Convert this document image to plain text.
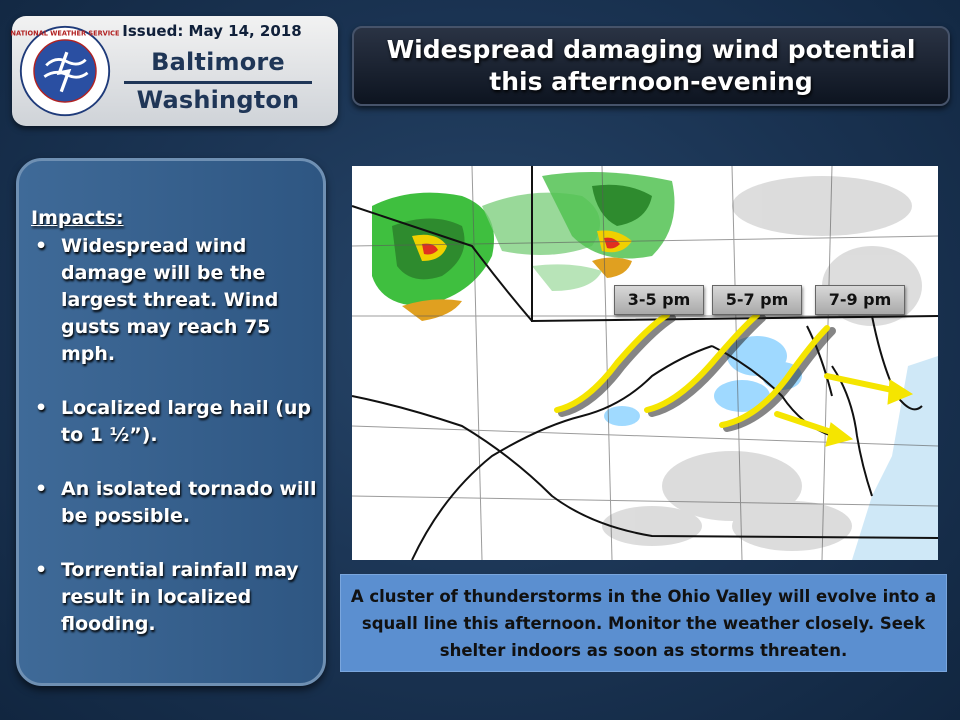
NATIONAL WEATHER SERVICE Issued: May 14, 2018
Baltimore
Washington
Widespread damaging wind potential this afternoon-evening
Impacts:
• Widespread wind damage will be the largest threat. Wind gusts may reach 75 mph.
• Localized large hail (up to 1 ½”).
• An isolated tornado will be possible.
• Torrential rainfall may result in localized flooding.
3-5 pm	5-7 pm	7-9 pm
A cluster of thunderstorms in the Ohio Valley will evolve into a squall line this afternoon. Monitor the weather closely. Seek shelter indoors as soon as storms threaten.
